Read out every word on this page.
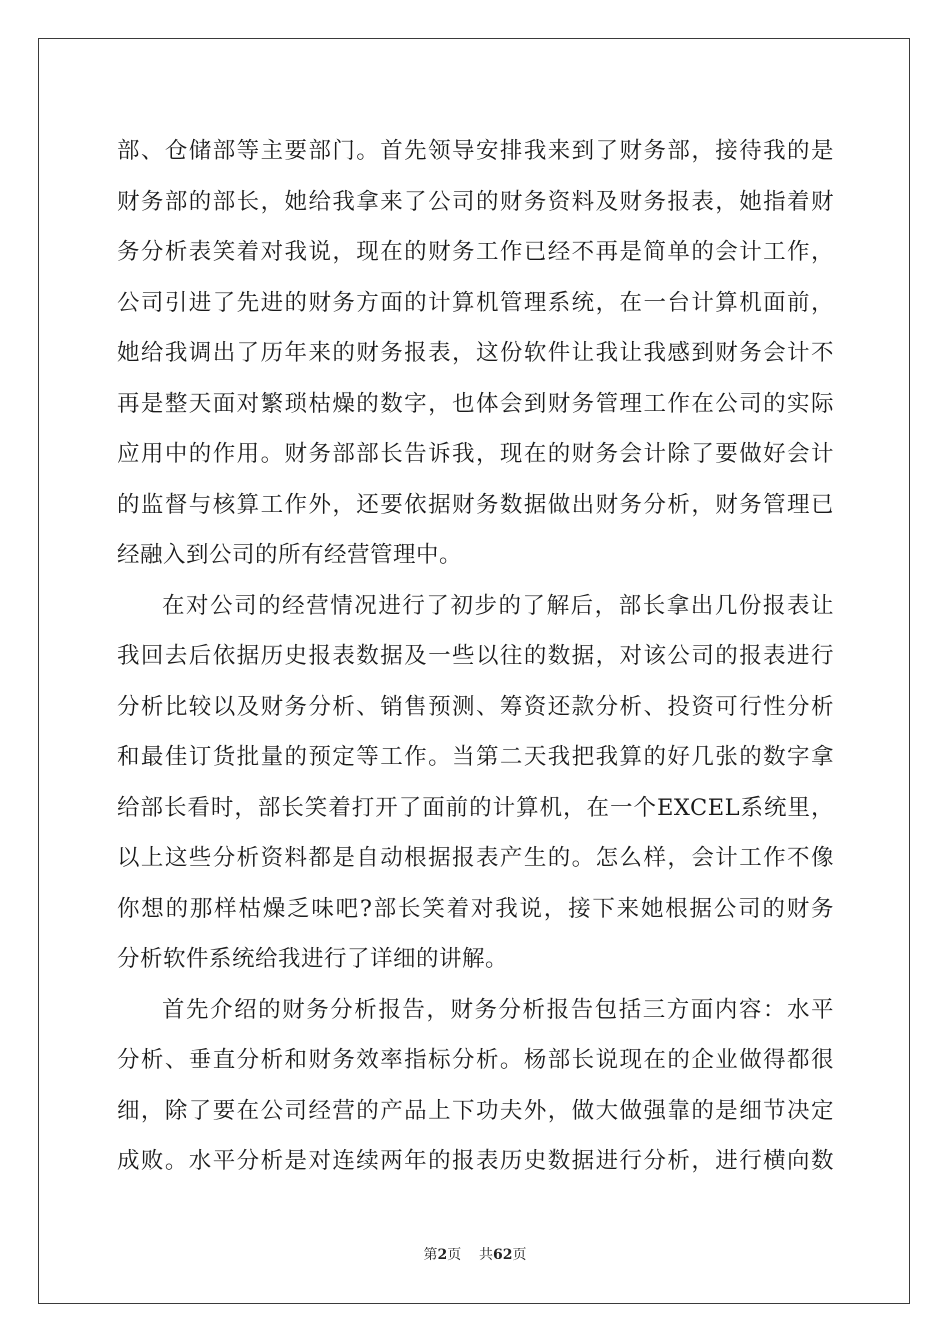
部、仓储部等主要部门。首先领导安排我来到了财务部，接待我的是
财务部的部长，她给我拿来了公司的财务资料及财务报表，她指着财
务分析表笑着对我说，现在的财务工作已经不再是简单的会计工作，
公司引进了先进的财务方面的计算机管理系统，在一台计算机面前，
她给我调出了历年来的财务报表，这份软件让我让我感到财务会计不
再是整天面对繁琐枯燥的数字，也体会到财务管理工作在公司的实际
应用中的作用。财务部部长告诉我，现在的财务会计除了要做好会计
的监督与核算工作外，还要依据财务数据做出财务分析，财务管理已
经融入到公司的所有经营管理中。
在对公司的经营情况进行了初步的了解后，部长拿出几份报表让
我回去后依据历史报表数据及一些以往的数据，对该公司的报表进行
分析比较以及财务分析、销售预测、筹资还款分析、投资可行性分析
和最佳订货批量的预定等工作。当第二天我把我算的好几张的数字拿
给部长看时，部长笑着打开了面前的计算机，在一个EXCEL系统里，
以上这些分析资料都是自动根据报表产生的。怎么样，会计工作不像
你想的那样枯燥乏味吧?部长笑着对我说，接下来她根据公司的财务
分析软件系统给我进行了详细的讲解。
首先介绍的财务分析报告，财务分析报告包括三方面内容：水平
分析、垂直分析和财务效率指标分析。杨部长说现在的企业做得都很
细，除了要在公司经营的产品上下功夫外，做大做强靠的是细节决定
成败。水平分析是对连续两年的报表历史数据进行分析，进行横向数
第2页 共62页
